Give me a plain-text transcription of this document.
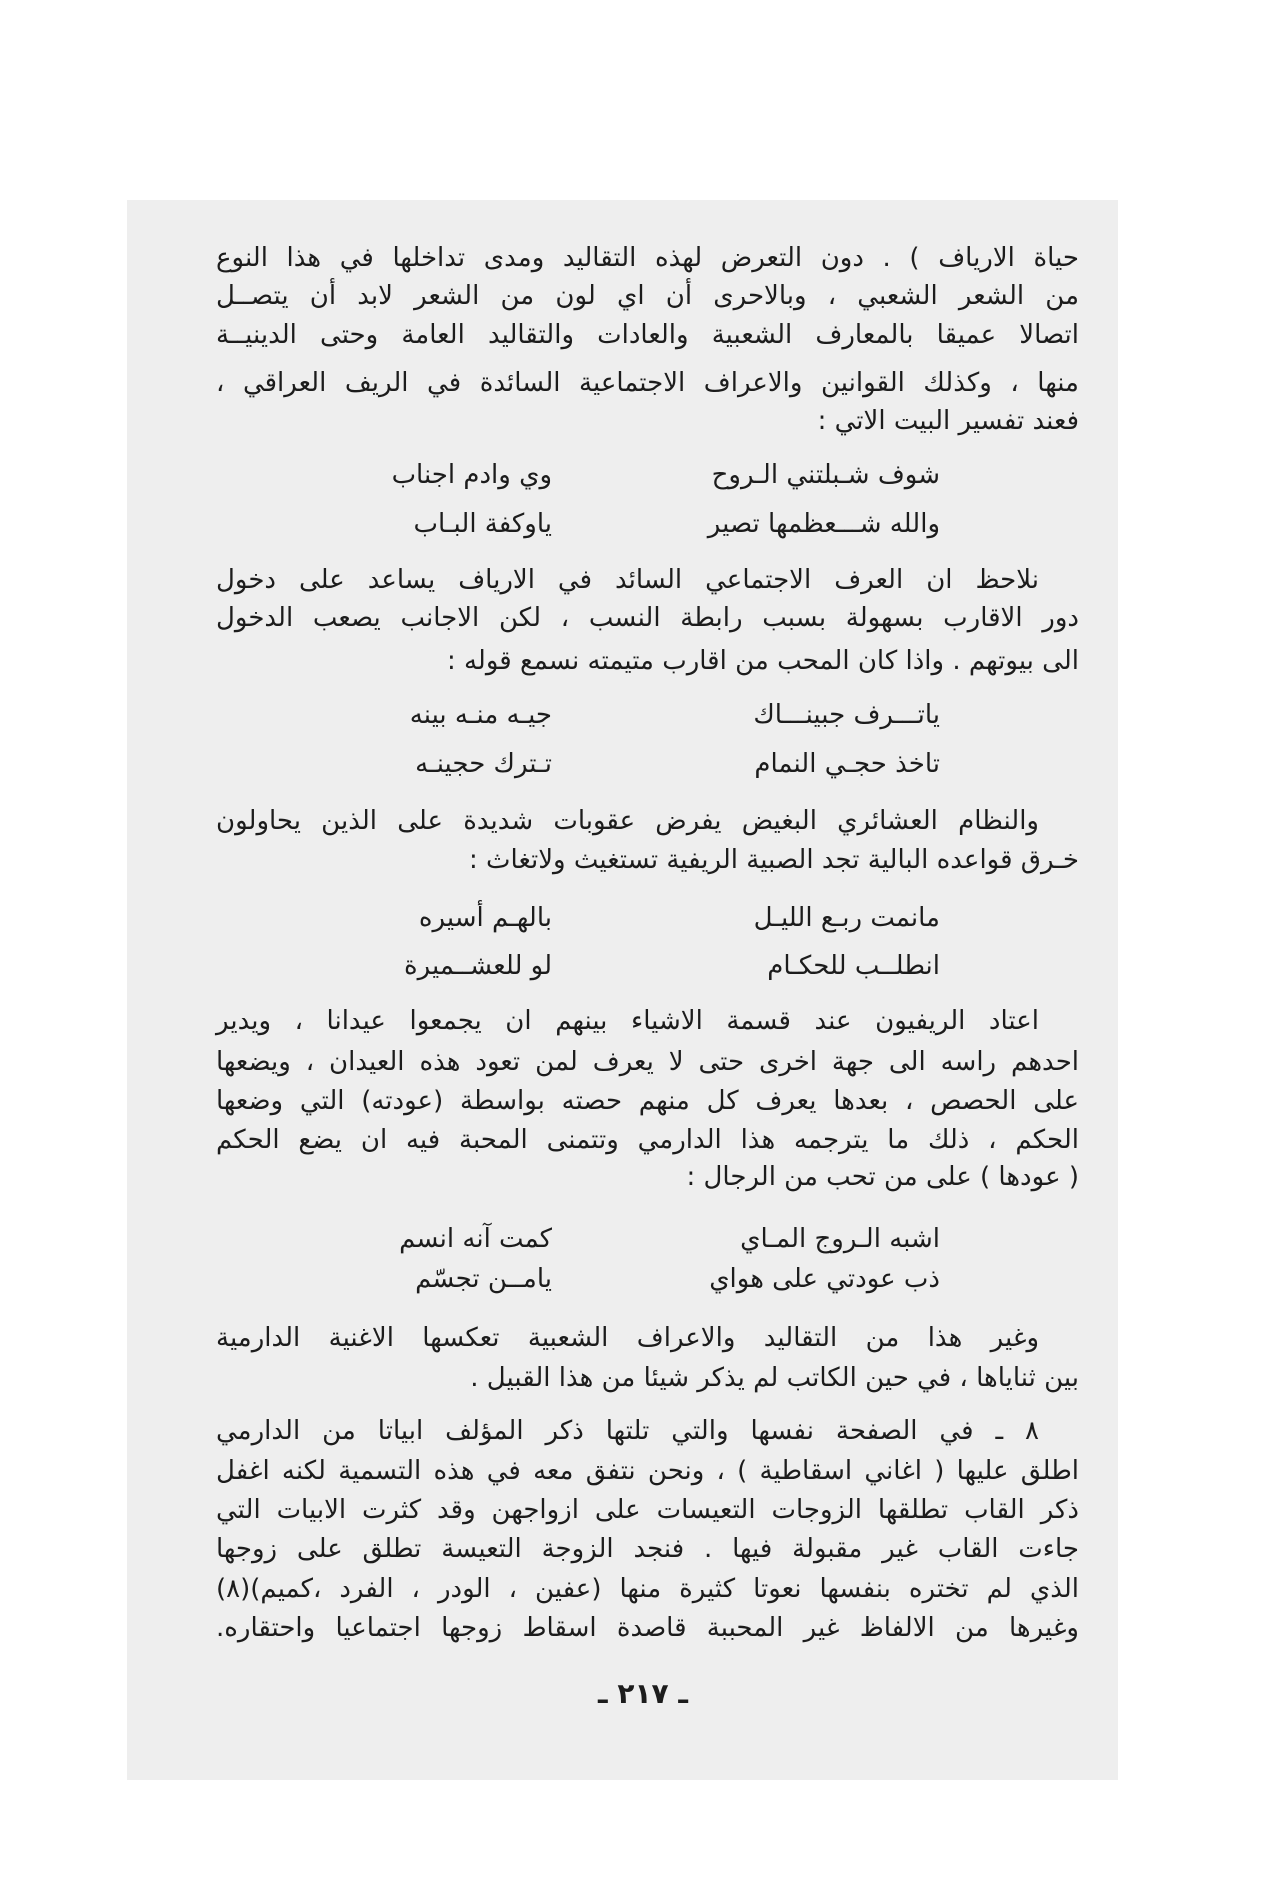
حياة الارياف ) . دون التعرض لهذه التقاليد ومدى تداخلها في هذا النوع
من الشعر الشعبي ، وبالاحرى أن اي لون من الشعر لابد أن يتصــل
اتصالا عميقا بالمعارف الشعبية والعادات والتقاليد العامة وحتى الدينيــة
منها ، وكذلك القوانين والاعراف الاجتماعية السائدة في الريف العراقي ،
فعند تفسير البيت الاتي :
شوف شـبلتني الـروح
وي وادم اجناب
والله شـــعظمها تصير
ياوكفة البـاب
نلاحظ ان العرف الاجتماعي السائد في الارياف يساعد على دخول
دور الاقارب بسهولة بسبب رابطة النسب ، لكن الاجانب يصعب الدخول
الى بيوتهم . واذا كان المحب من اقارب متيمته نسمع قوله :
ياتـــرف جبينـــاك
جيـه منـه بينه
تاخذ حجـي النمام
تـترك حجينـه
والنظام العشائري البغيض يفرض عقوبات شديدة على الذين يحاولون
خـرق قواعده البالية تجد الصبية الريفية تستغيث ولاتغاث :
مانمت ربـع الليـل
بالهـم أسيره
انطلــب للحكـام
لو للعشــميرة
اعتاد الريفيون عند قسمة الاشياء بينهم ان يجمعوا عيدانا ، ويدير
احدهم راسه الى جهة اخرى حتى لا يعرف لمن تعود هذه العيدان ، ويضعها
على الحصص ، بعدها يعرف كل منهم حصته بواسطة (عودته) التي وضعها
الحكم ، ذلك ما يترجمه هذا الدارمي وتتمنى المحبة فيه ان يضع الحكم
( عودها ) على من تحب من الرجال :
اشبه الـروج المـاي
كمت آنه انسم
ذب عودتي على هواي
يامــن تجسّم
وغير هذا من التقاليد والاعراف الشعبية تعكسها الاغنية الدارمية
بين ثناياها ، في حين الكاتب لم يذكر شيئا من هذا القبيل .
٨ ـ في الصفحة نفسها والتي تلتها ذكر المؤلف ابياتا من الدارمي
اطلق عليها ( اغاني اسقاطية ) ، ونحن نتفق معه في هذه التسمية لكنه اغفل
ذكر القاب تطلقها الزوجات التعيسات على ازواجهن وقد كثرت الابيات التي
جاءت القاب غير مقبولة فيها . فنجد الزوجة التعيسة تطلق على زوجها
الذي لم تختره بنفسها نعوتا كثيرة منها (عفين ، الودر ، الفرد ،كميم)(٨)
وغيرها من الالفاظ غير المحببة قاصدة اسقاط زوجها اجتماعيا واحتقاره.
ـ ٢١٧ ـ
